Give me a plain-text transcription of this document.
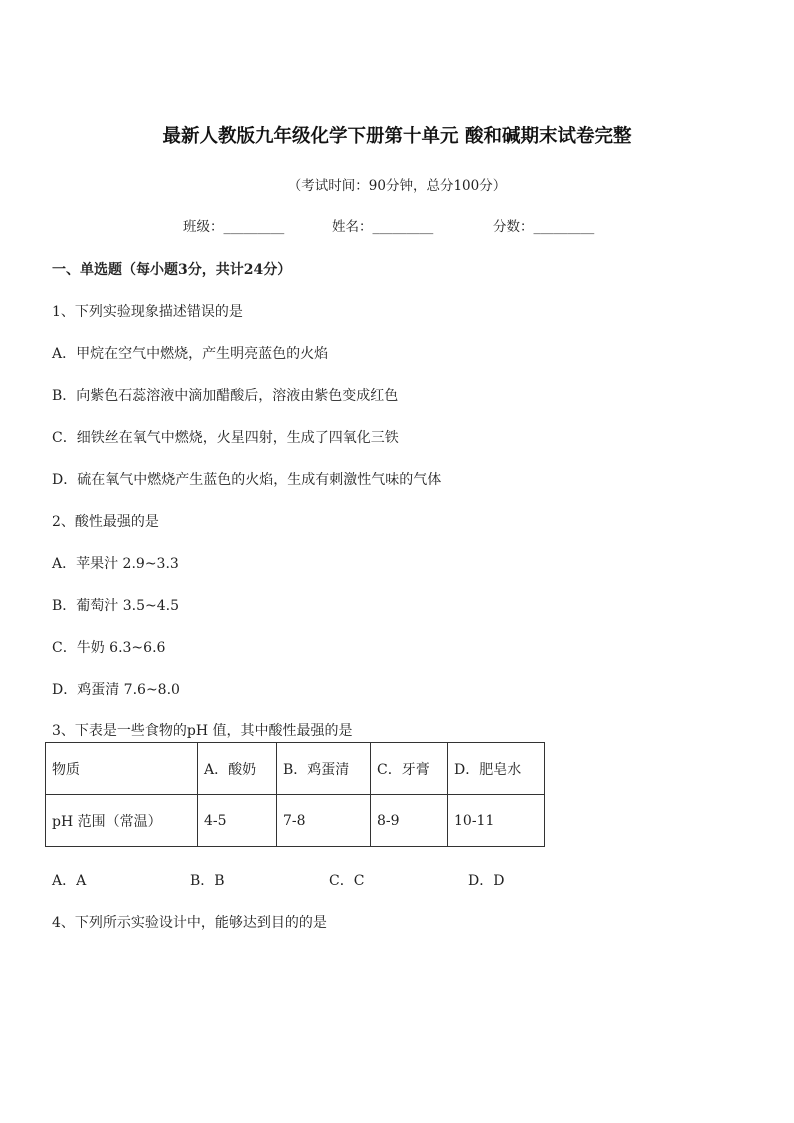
最新人教版九年级化学下册第十单元 酸和碱期末试卷完整
（考试时间：90分钟，总分100分）
班级：_________	姓名：_________	分数：_________
一、单选题（每小题3分，共计24分）
1、下列实验现象描述错误的是
A．甲烷在空气中燃烧，产生明亮蓝色的火焰
B．向紫色石蕊溶液中滴加醋酸后，溶液由紫色变成红色
C．细铁丝在氧气中燃烧，火星四射，生成了四氧化三铁
D．硫在氧气中燃烧产生蓝色的火焰，生成有刺激性气味的气体
2、酸性最强的是
A．苹果汁 2.9~3.3
B．葡萄汁 3.5~4.5
C．牛奶 6.3~6.6
D．鸡蛋清 7.6~8.0
3、下表是一些食物的pH 值，其中酸性最强的是
物质	A．酸奶	B．鸡蛋清	C．牙膏	D．肥皂水
pH 范围（常温）	4-5	7-8	8-9	10-11
A．A	B．B	C．C	D．D
4、下列所示实验设计中，能够达到目的的是
